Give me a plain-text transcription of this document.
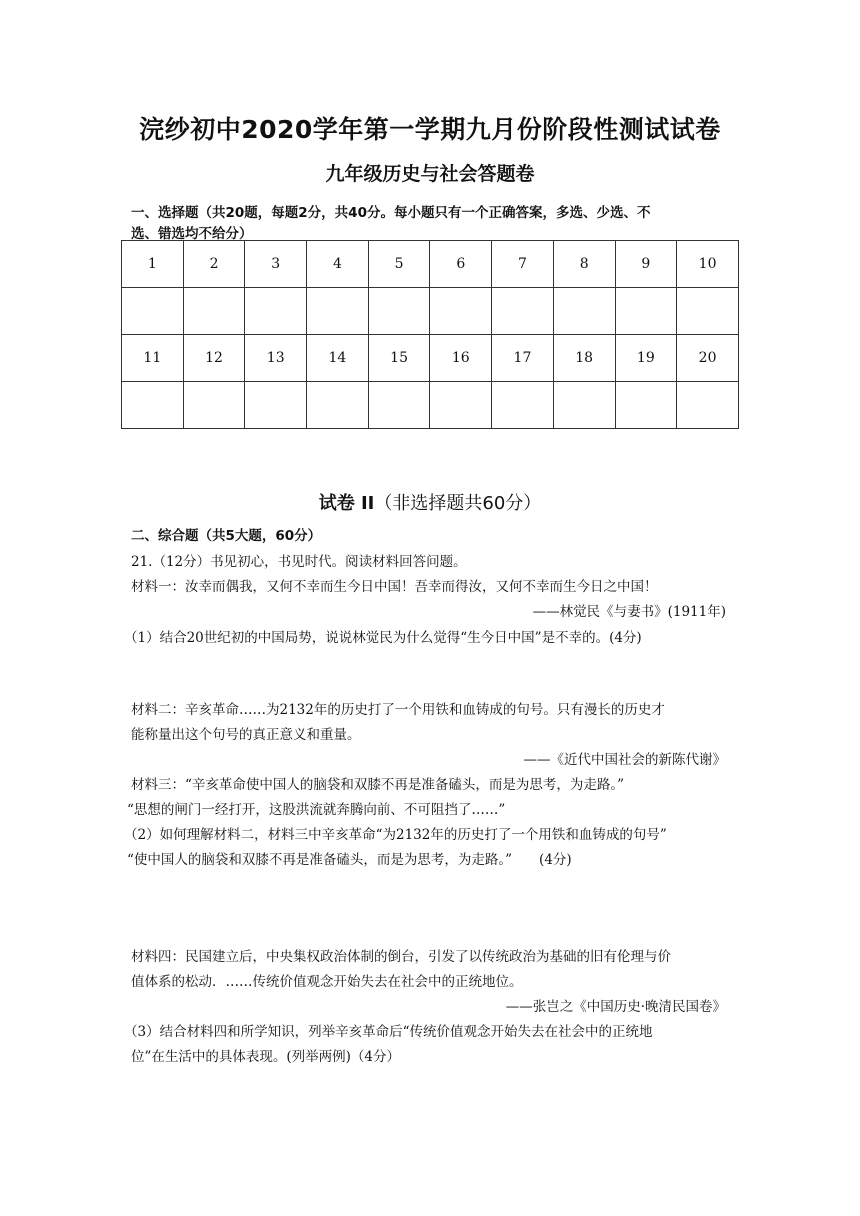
浣纱初中2020学年第一学期九月份阶段性测试试卷
九年级历史与社会答题卷
一、选择题（共20题，每题2分，共40分。每小题只有一个正确答案，多选、少选、不
选、错选均不给分）
1	2	3	4	5	6	7	8	9	10

11	12	13	14	15	16	17	18	19	20

试卷 II（非选择题共60分）
二、综合题（共5大题，60分）
21.（12分）书见初心，书见时代。阅读材料回答问题。
材料一：汝幸而偶我，又何不幸而生今日中国！吾幸而得汝，又何不幸而生今日之中国！
——林觉民《与妻书》(1911年)
（1）结合20世纪初的中国局势，说说林觉民为什么觉得“生今日中国”是不幸的。(4分)
材料二：辛亥革命……为2132年的历史打了一个用铁和血铸成的句号。只有漫长的历史才
能称量出这个句号的真正意义和重量。
——《近代中国社会的新陈代谢》
材料三：“辛亥革命使中国人的脑袋和双膝不再是准备磕头，而是为思考，为走路。”
“思想的闸门一经打开，这股洪流就奔腾向前、不可阻挡了……”
（2）如何理解材料二，材料三中辛亥革命“为2132年的历史打了一个用铁和血铸成的句号”
“使中国人的脑袋和双膝不再是准备磕头，而是为思考，为走路。”　　(4分)
材料四：民国建立后，中央集权政治体制的倒台，引发了以传统政治为基础的旧有伦理与价
值体系的松动．……传统价值观念开始失去在社会中的正统地位。
——张岂之《中国历史·晚清民国卷》
（3）结合材料四和所学知识，列举辛亥革命后“传统价值观念开始失去在社会中的正统地
位”在生活中的具体表现。(列举两例)（4分）
